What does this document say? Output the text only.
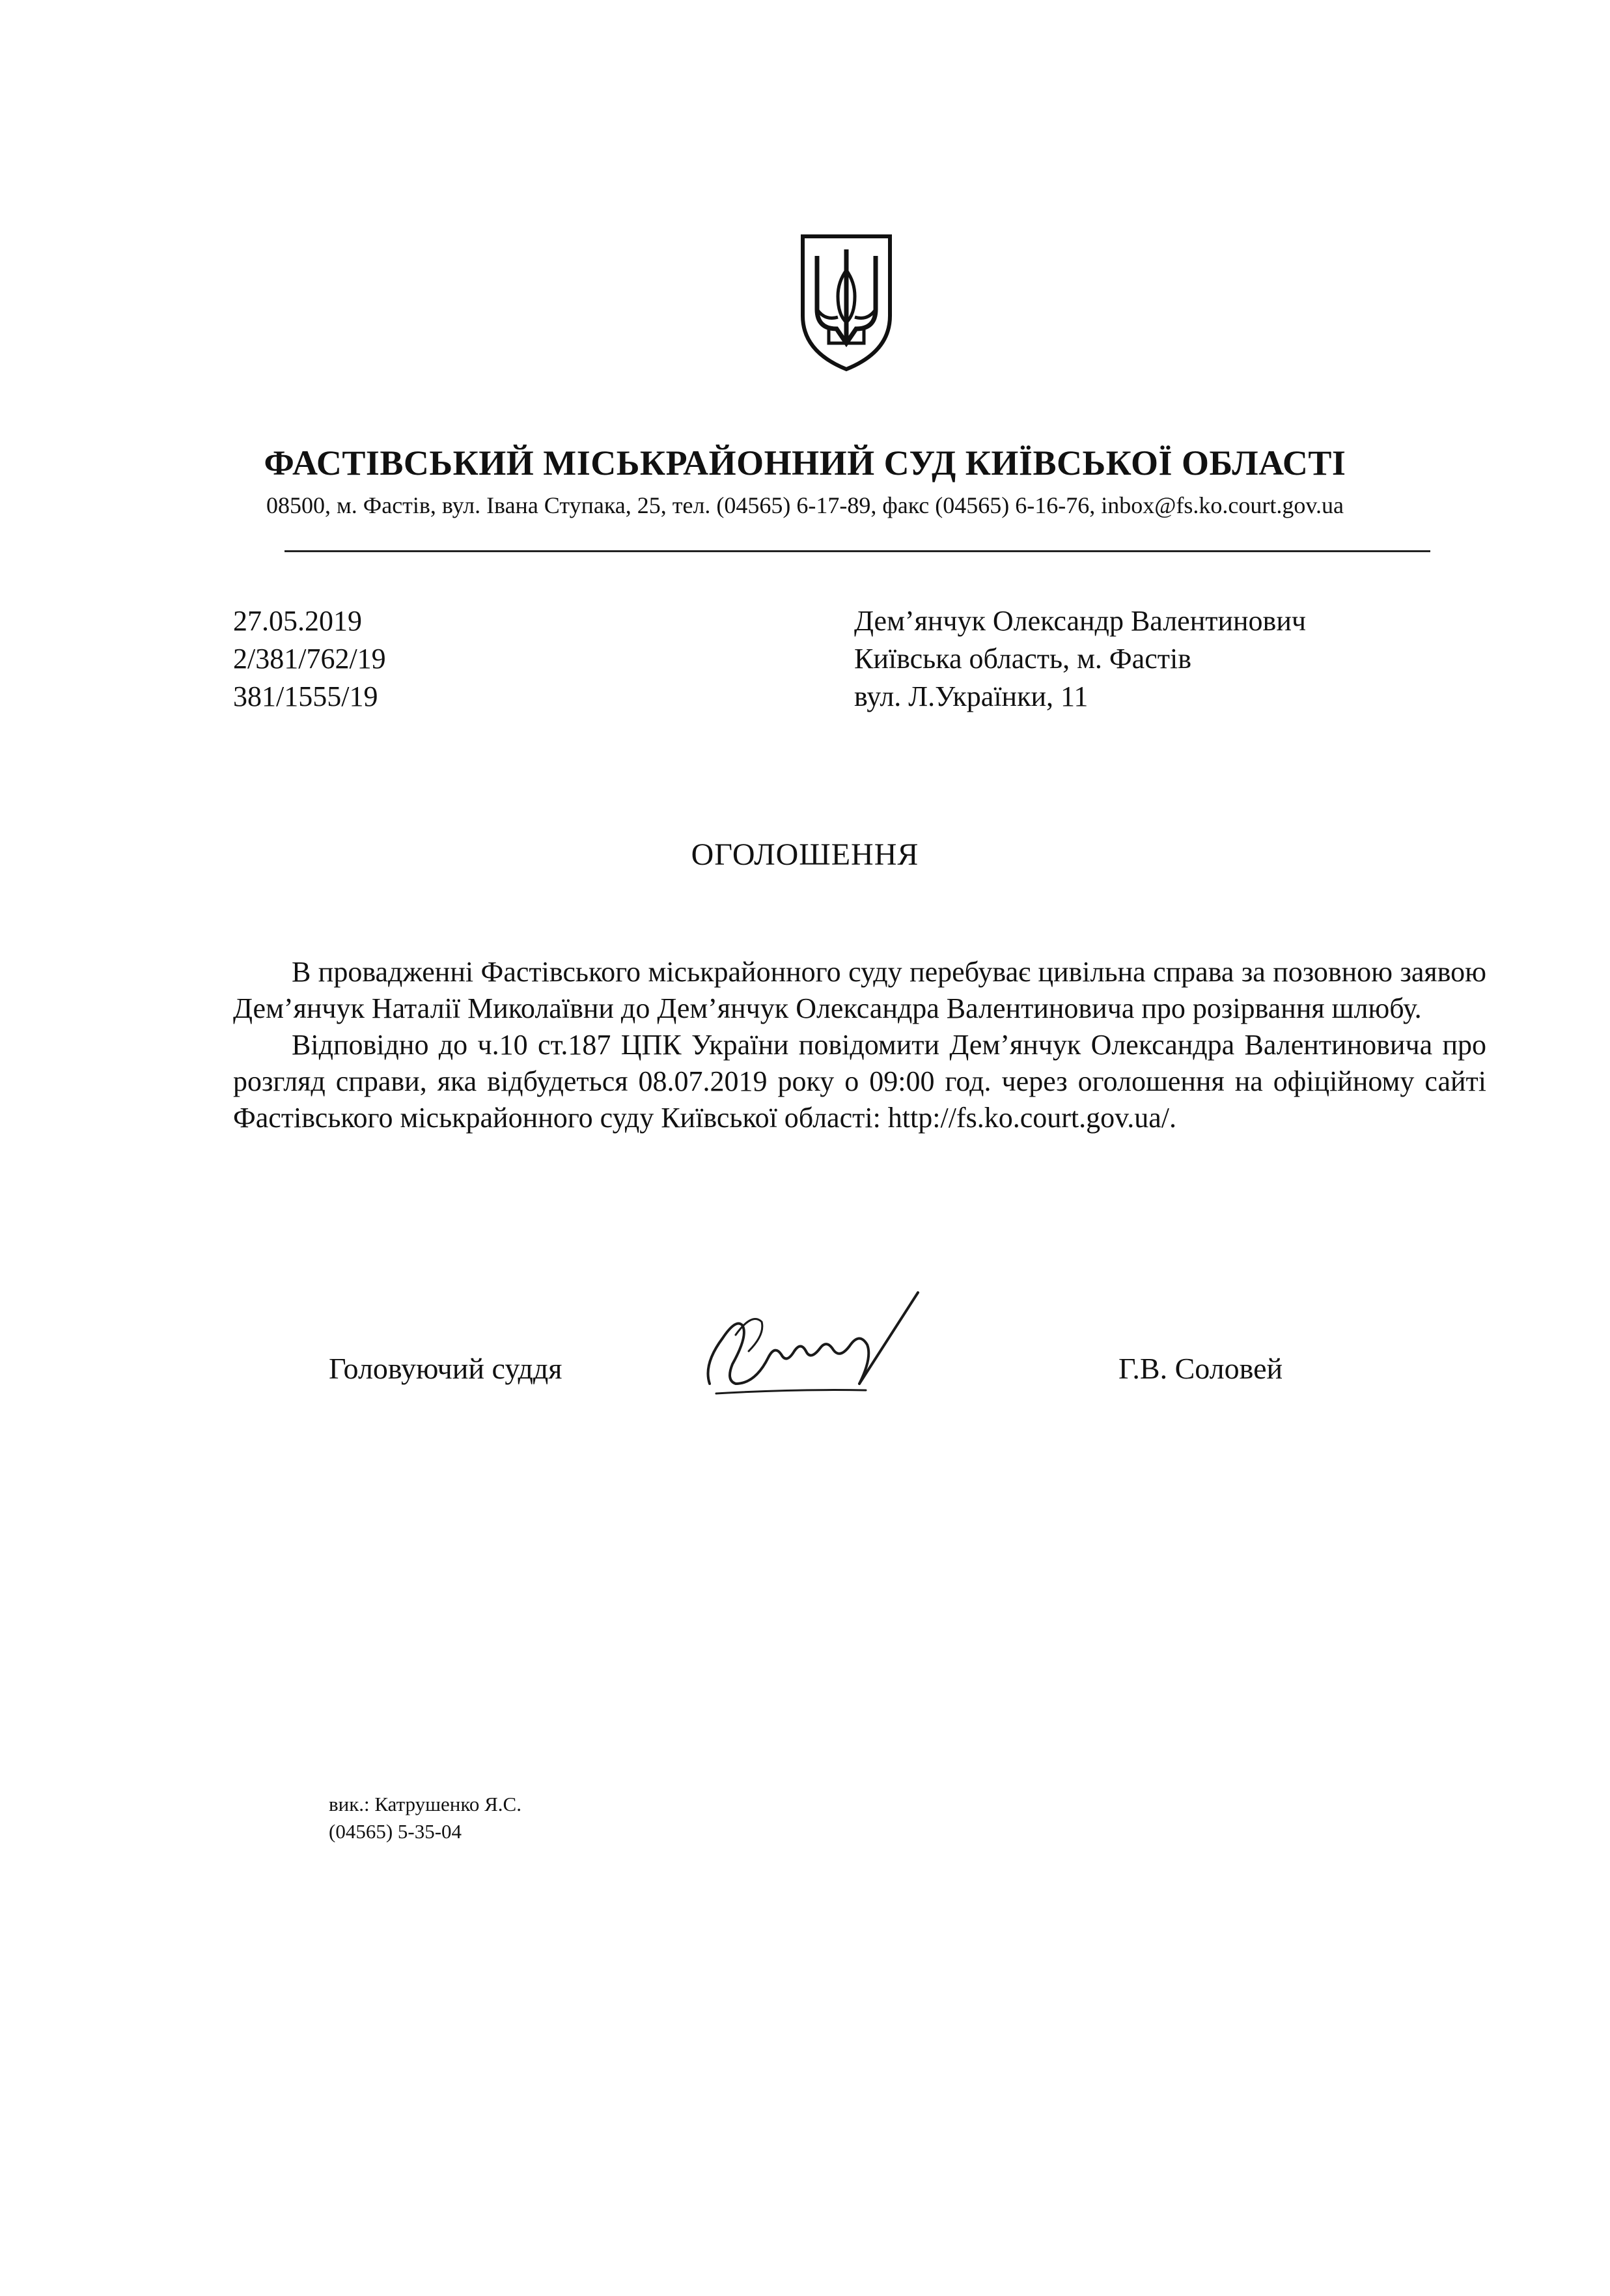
ФАСТІВСЬКИЙ МІСЬКРАЙОННИЙ СУД КИЇВСЬКОЇ ОБЛАСТІ
08500, м. Фастів, вул. Івана Ступака, 25, тел. (04565) 6-17-89, факс (04565) 6-16-76, inbox@fs.ko.court.gov.ua
27.05.2019
2/381/762/19
381/1555/19
Дем’янчук Олександр Валентинович
Київська область, м. Фастів
вул. Л.Українки, 11
ОГОЛОШЕННЯ

В провадженні Фастівського міськрайонного суду перебуває цивільна справа за позовною заявою Дем’янчук Наталії Миколаївни до Дем’янчук Олександра Валентиновича про розірвання шлюбу.

Відповідно до ч.10 ст.187 ЦПК України повідомити Дем’янчук Олександра Валентиновича про розгляд справи, яка відбудеться 08.07.2019 року о 09:00 год. через оголошення на офіційному сайті Фастівського міськрайонного суду Київської області: http://fs.ko.court.gov.ua/.

Головуючий суддя	Г.В. Соловей
вик.: Катрушенко Я.С.
(04565) 5-35-04
